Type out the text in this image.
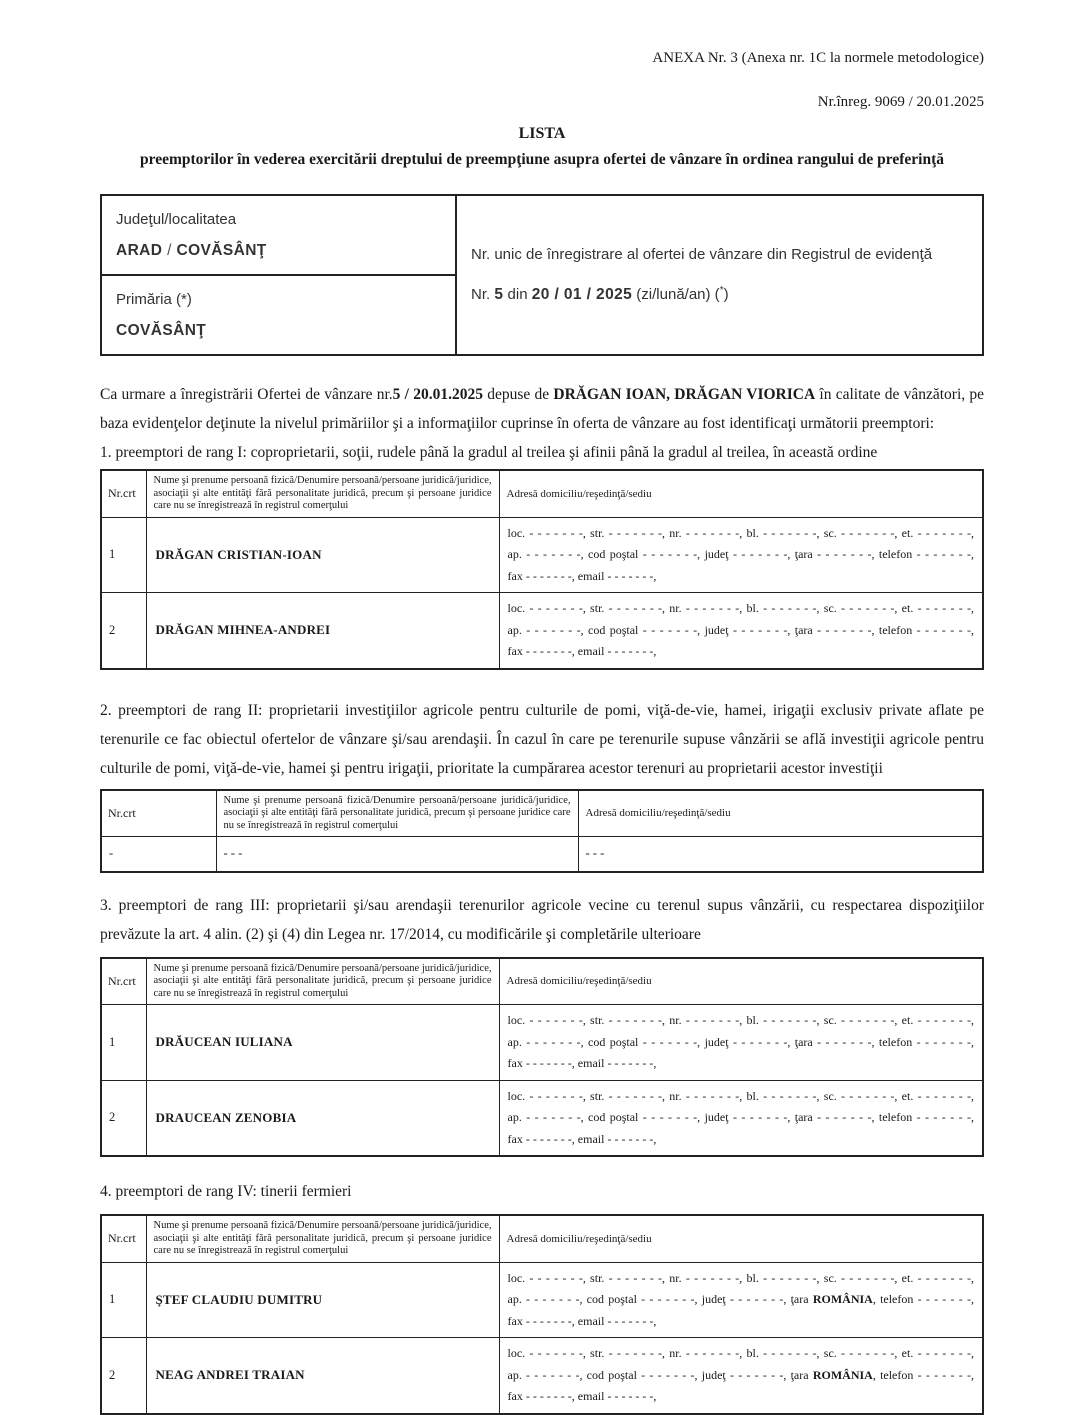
ANEXA Nr. 3 (Anexa nr. 1C la normele metodologice)
Nr.înreg. 9069 / 20.01.2025
LISTA
preemptorilor în vederea exercitării dreptului de preempţiune asupra ofertei de vânzare în ordinea rangului de preferinţă
Judeţul/localitatea
ARAD / COVĂSÂNŢ	Nr. unic de înregistrare al ofertei de vânzare din Registrul de evidenţă
Nr. 5 din 20 / 01 / 2025 (zi/lună/an) (*)

Primăria (*)
COVĂSÂNŢ
Ca urmare a înregistrării Ofertei de vânzare nr.5 / 20.01.2025 depuse de DRĂGAN IOAN, DRĂGAN VIORICA în calitate de vânzători, pe baza evidenţelor deţinute la nivelul primăriilor şi a informaţiilor cuprinse în oferta de vânzare au fost identificaţi următorii preemptori:
1. preemptori de rang I: coproprietarii, soţii, rudele până la gradul al treilea şi afinii până la gradul al treilea, în această ordine
Nr.crt	Nume şi prenume persoană fizică/Denumire persoană/persoane juridică/juridice, asociaţii şi alte entităţi fără personalitate juridică, precum şi persoane juridice care nu se înregistrează în registrul comerţului	Adresă domiciliu/reşedinţă/sediu
1	DRĂGAN CRISTIAN-IOAN	loc. - - - - - - -, str. - - - - - - -, nr. - - - - - - -, bl. - - - - - - -, sc. - - - - - - -, et. - - - - - - -,
ap. - - - - - - -, cod poştal - - - - - - -, judeţ - - - - - - -, ţara - - - - - - -, telefon - - - - - - -,
fax - - - - - - -, email - - - - - - -,

2	DRĂGAN MIHNEA-ANDREI	loc. - - - - - - -, str. - - - - - - -, nr. - - - - - - -, bl. - - - - - - -, sc. - - - - - - -, et. - - - - - - -,
ap. - - - - - - -, cod poştal - - - - - - -, judeţ - - - - - - -, ţara - - - - - - -, telefon - - - - - - -,
fax - - - - - - -, email - - - - - - -,
2. preemptori de rang II: proprietarii investiţiilor agricole pentru culturile de pomi, viţă-de-vie, hamei, irigaţii exclusiv private aflate pe terenurile ce fac obiectul ofertelor de vânzare şi/sau arendaşii. În cazul în care pe terenurile supuse vânzării se află investiţii agricole pentru culturile de pomi, viţă-de-vie, hamei şi pentru irigaţii, prioritate la cumpărarea acestor terenuri au proprietarii acestor investiţii
Nr.crt	Nume şi prenume persoană fizică/Denumire persoană/persoane juridică/juridice, asociaţii şi alte entităţi fără personalitate juridică, precum şi persoane juridice care nu se înregistrează în registrul comerţului	Adresă domiciliu/reşedinţă/sediu
-	- - -	- - -
3. preemptori de rang III: proprietarii şi/sau arendaşii terenurilor agricole vecine cu terenul supus vânzării, cu respectarea dispoziţiilor prevăzute la art. 4 alin. (2) şi (4) din Legea nr. 17/2014, cu modificările şi completările ulterioare
Nr.crt	Nume şi prenume persoană fizică/Denumire persoană/persoane juridică/juridice, asociaţii şi alte entităţi fără personalitate juridică, precum şi persoane juridice care nu se înregistrează în registrul comerţului	Adresă domiciliu/reşedinţă/sediu
1	DRĂUCEAN IULIANA	loc. - - - - - - -, str. - - - - - - -, nr. - - - - - - -, bl. - - - - - - -, sc. - - - - - - -, et. - - - - - - -,
ap. - - - - - - -, cod poştal - - - - - - -, judeţ - - - - - - -, ţara - - - - - - -, telefon - - - - - - -,
fax - - - - - - -, email - - - - - - -,

2	DRAUCEAN ZENOBIA	loc. - - - - - - -, str. - - - - - - -, nr. - - - - - - -, bl. - - - - - - -, sc. - - - - - - -, et. - - - - - - -,
ap. - - - - - - -, cod poştal - - - - - - -, judeţ - - - - - - -, ţara - - - - - - -, telefon - - - - - - -,
fax - - - - - - -, email - - - - - - -,
4. preemptori de rang IV: tinerii fermieri
Nr.crt	Nume şi prenume persoană fizică/Denumire persoană/persoane juridică/juridice, asociaţii şi alte entităţi fără personalitate juridică, precum şi persoane juridice care nu se înregistrează în registrul comerţului	Adresă domiciliu/reşedinţă/sediu
1	ŞTEF CLAUDIU DUMITRU	loc. - - - - - - -, str. - - - - - - -, nr. - - - - - - -, bl. - - - - - - -, sc. - - - - - - -, et. - - - - - - -,
ap. - - - - - - -, cod poştal - - - - - - -, judeţ - - - - - - -, ţara ROMÂNIA, telefon - - - - - - -,
fax - - - - - - -, email - - - - - - -,

2	NEAG ANDREI TRAIAN	loc. - - - - - - -, str. - - - - - - -, nr. - - - - - - -, bl. - - - - - - -, sc. - - - - - - -, et. - - - - - - -,
ap. - - - - - - -, cod poştal - - - - - - -, judeţ - - - - - - -, ţara ROMÂNIA, telefon - - - - - - -,
fax - - - - - - -, email - - - - - - -,
